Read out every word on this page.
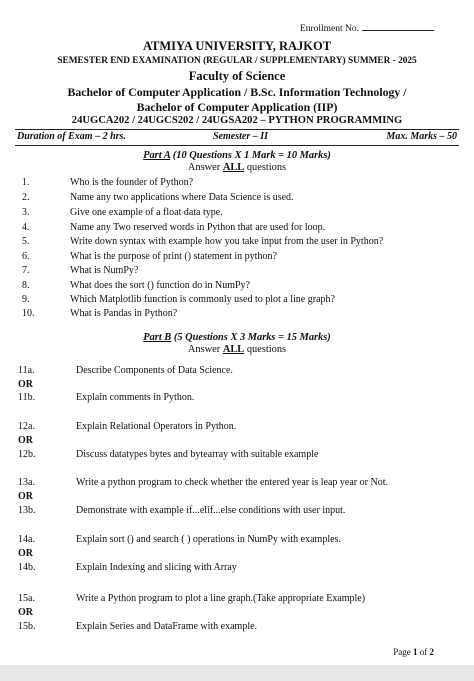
Enrollment No.
ATMIYA UNIVERSITY, RAJKOT
SEMESTER END EXAMINATION (REGULAR / SUPPLEMENTARY) SUMMER - 2025
Faculty of Science
Bachelor of Computer Application / B.Sc. Information Technology /
Bachelor of Computer Application (IIP)
24UGCA202 / 24UGCS202 / 24UGSA202 – PYTHON PROGRAMMING
Duration of Exam – 2 hrs.	Semester – II	Max. Marks – 50
Part A (10 Questions X 1 Mark = 10 Marks)
Answer ALL questions
1.	Who is the founder of Python?
2.	Name any two applications where Data Science is used.
3.	Give one example of a float data type.
4.	Name any Two reserved words in Python that are used for loop.
5.	Write down syntax with example how you take input from the user in Python?
6.	What is the purpose of print () statement in python?
7.	What is NumPy?
8.	What does the sort () function do in NumPy?
9.	Which Matplotlib function is commonly used to plot a line graph?
10.	What is Pandas in Python?
Part B (5 Questions X 3 Marks = 15 Marks)
Answer ALL questions
11a.	Describe Components of Data Science.
OR
11b.	Explain comments in Python.
12a.	Explain Relational Operators in Python.
OR
12b.	Discuss datatypes bytes and bytearray with suitable example
13a.	Write a python program to check whether the entered year is leap year or Not.
OR
13b.	Demonstrate with example if...elif...else conditions with user input.
14a.	Explain sort () and search ( ) operations in NumPy with examples.
OR
14b.	Explain Indexing and slicing with Array
15a.	Write a Python program to plot a line graph.(Take appropriate Example)
OR
15b.	Explain Series and DataFrame with example.
Page 1 of 2
